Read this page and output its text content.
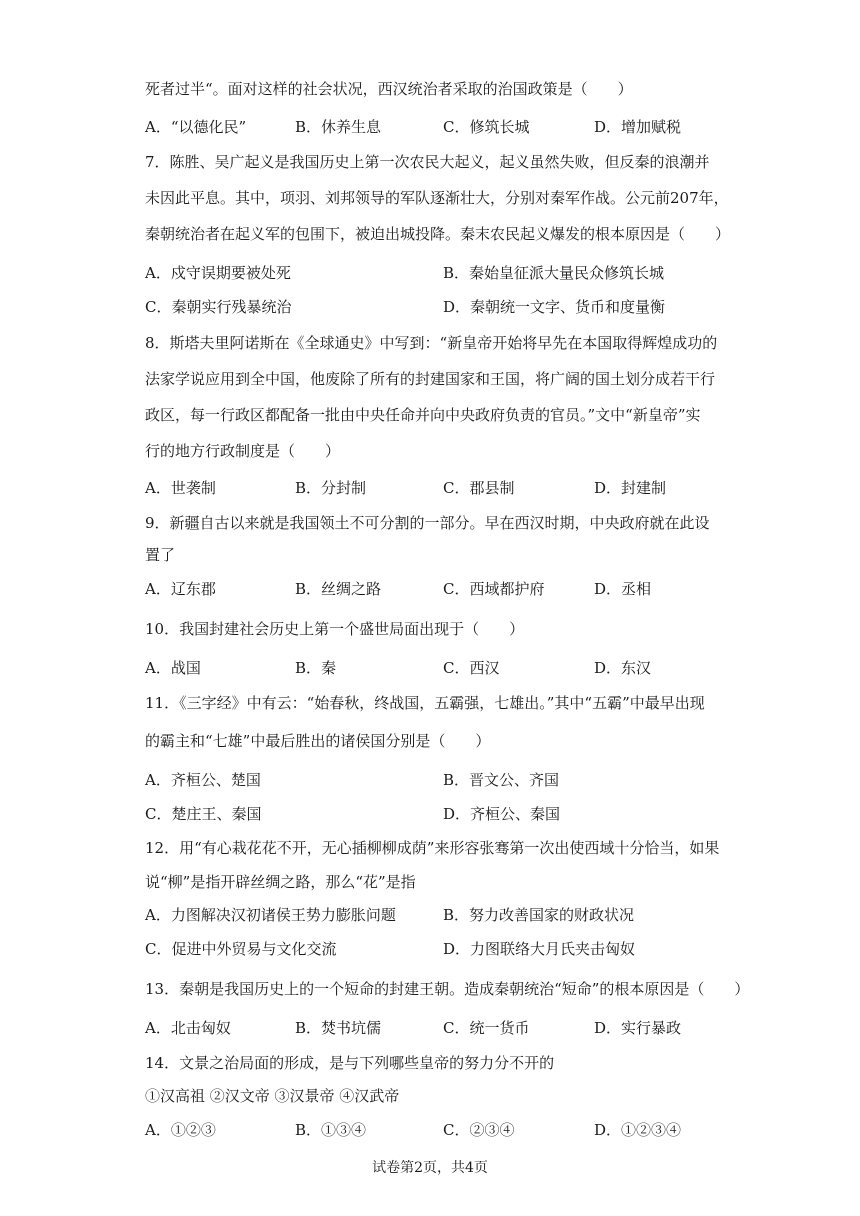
死者过半“。面对这样的社会状况，西汉统治者采取的治国政策是（　　）
A．“以德化民”	B．休养生息	C．修筑长城	D．增加赋税
7．陈胜、吴广起义是我国历史上第一次农民大起义，起义虽然失败，但反秦的浪潮并
未因此平息。其中，项羽、刘邦领导的军队逐渐壮大，分别对秦军作战。公元前207年，
秦朝统治者在起义军的包围下，被迫出城投降。秦末农民起义爆发的根本原因是（　　）
A．戍守误期要被处死	B．秦始皇征派大量民众修筑长城
C．秦朝实行残暴统治	D．秦朝统一文字、货币和度量衡
8．斯塔夫里阿诺斯在《全球通史》中写到：“新皇帝开始将早先在本国取得辉煌成功的
法家学说应用到全中国，他废除了所有的封建国家和王国，将广阔的国土划分成若干行
政区，每一行政区都配备一批由中央任命并向中央政府负责的官员。”文中“新皇帝”实
行的地方行政制度是（　　）
A．世袭制	B．分封制	C．郡县制	D．封建制
9．新疆自古以来就是我国领土不可分割的一部分。早在西汉时期，中央政府就在此设
置了
A．辽东郡	B．丝绸之路	C．西域都护府	D．丞相
10．我国封建社会历史上第一个盛世局面出现于（　　）
A．战国	B．秦	C．西汉	D．东汉
11．《三字经》中有云：“始春秋，终战国，五霸强，七雄出。”其中“五霸”中最早出现
的霸主和“七雄”中最后胜出的诸侯国分别是（　　）
A．齐桓公、楚国	B．晋文公、齐国
C．楚庄王、秦国	D．齐桓公、秦国
12．用“有心栽花花不开，无心插柳柳成荫”来形容张骞第一次出使西域十分恰当，如果
说“柳”是指开辟丝绸之路，那么“花”是指
A．力图解决汉初诸侯王势力膨胀问题	B．努力改善国家的财政状况
C．促进中外贸易与文化交流	D．力图联络大月氏夹击匈奴
13．秦朝是我国历史上的一个短命的封建王朝。造成秦朝统治“短命”的根本原因是（　　）
A．北击匈奴	B．焚书坑儒	C．统一货币	D．实行暴政
14．文景之治局面的形成，是与下列哪些皇帝的努力分不开的
①汉高祖 ②汉文帝 ③汉景帝 ④汉武帝
A．①②③	B．①③④	C．②③④	D．①②③④
试卷第2页，共4页
